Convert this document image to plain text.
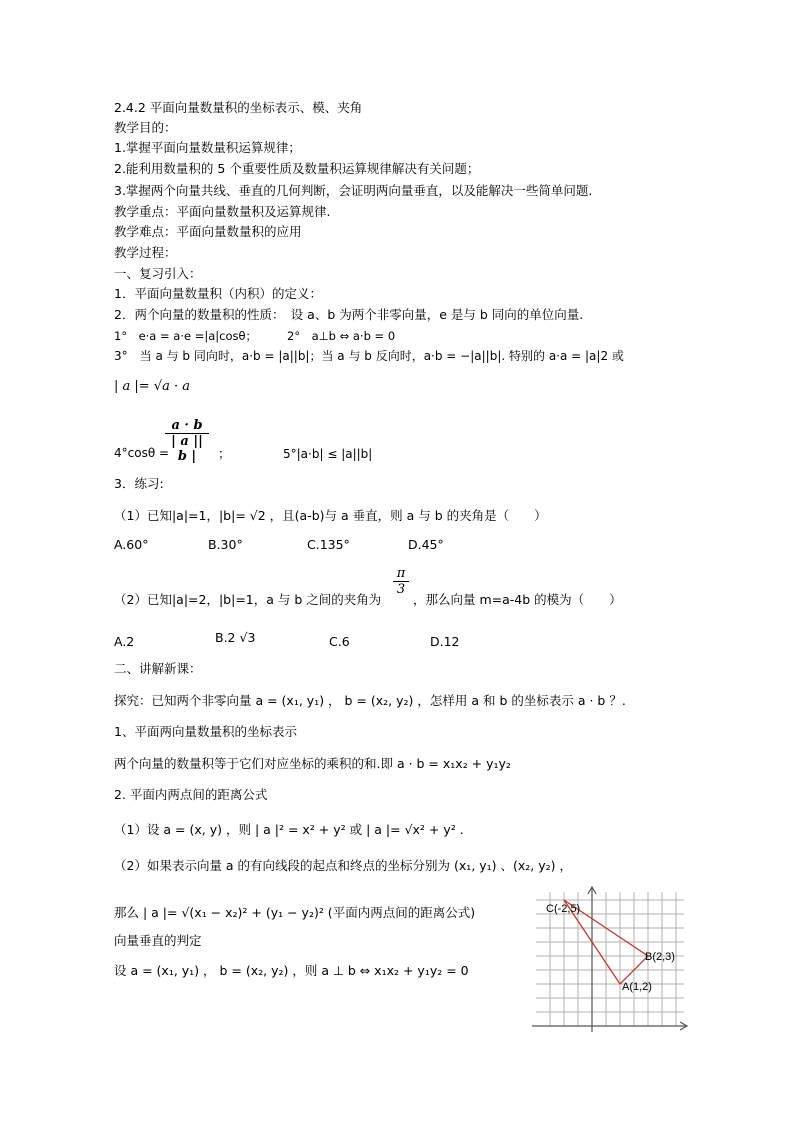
2.4.2 平面向量数量积的坐标表示、模、夹角
教学目的：
1.掌握平面向量数量积运算规律；
2.能利用数量积的 5 个重要性质及数量积运算规律解决有关问题；
3.掌握两个向量共线、垂直的几何判断，会证明两向量垂直，以及能解决一些简单问题.
教学重点：平面向量数量积及运算规律.
教学难点：平面向量数量积的应用
教学过程：
一、复习引入：
1．平面向量数量积（内积）的定义：
2．两个向量的数量积的性质：　设 a、b 为两个非零向量，e 是与 b 同向的单位向量.
1°　e·a = a·e =|a|cosθ；	2°　a⊥b ⇔ a·b = 0
3°　当 a 与 b 同向时，a·b = |a||b|；当 a 与 b 反向时，a·b = −|a||b|. 特别的 a·a = |a|2 或
| a |= √a · a
4°cosθ =
$\frac{a \cdot b}{| a || b |}$ ；	5°|a·b| ≤ |a||b|
3．练习:
（1）已知|a|=1，|b|= √2 ，且(a-b)与 a 垂直，则 a 与 b 的夹角是（　　）
A.60°	B.30°	C.135°	D.45°
（2）已知|a|=2，|b|=1，a 与 b 之间的夹角为
$\frac{\pi}{3}$
，那么向量 m=a-4b 的模为（　　）
A.2	B.2 √3	C.6	D.12
二、讲解新课：
探究：已知两个非零向量 a = (x₁, y₁) ， b = (x₂, y₂) ，怎样用 a 和 b 的坐标表示 a · b ？.
1、平面两向量数量积的坐标表示
两个向量的数量积等于它们对应坐标的乘积的和.即 a · b = x₁x₂ + y₁y₂
2. 平面内两点间的距离公式
（1）设 a = (x, y) ，则 | a |² = x² + y² 或 | a |= √x² + y² .
（2）如果表示向量 a 的有向线段的起点和终点的坐标分别为 (x₁, y₁) 、(x₂, y₂) ，
那么 | a |= √(x₁ − x₂)² + (y₁ − y₂)² (平面内两点间的距离公式)
向量垂直的判定
设 a = (x₁, y₁) ， b = (x₂, y₂) ，则 a ⊥ b ⇔ x₁x₂ + y₁y₂ = 0
C(-2,5)
B(2,3)
A(1,2)
